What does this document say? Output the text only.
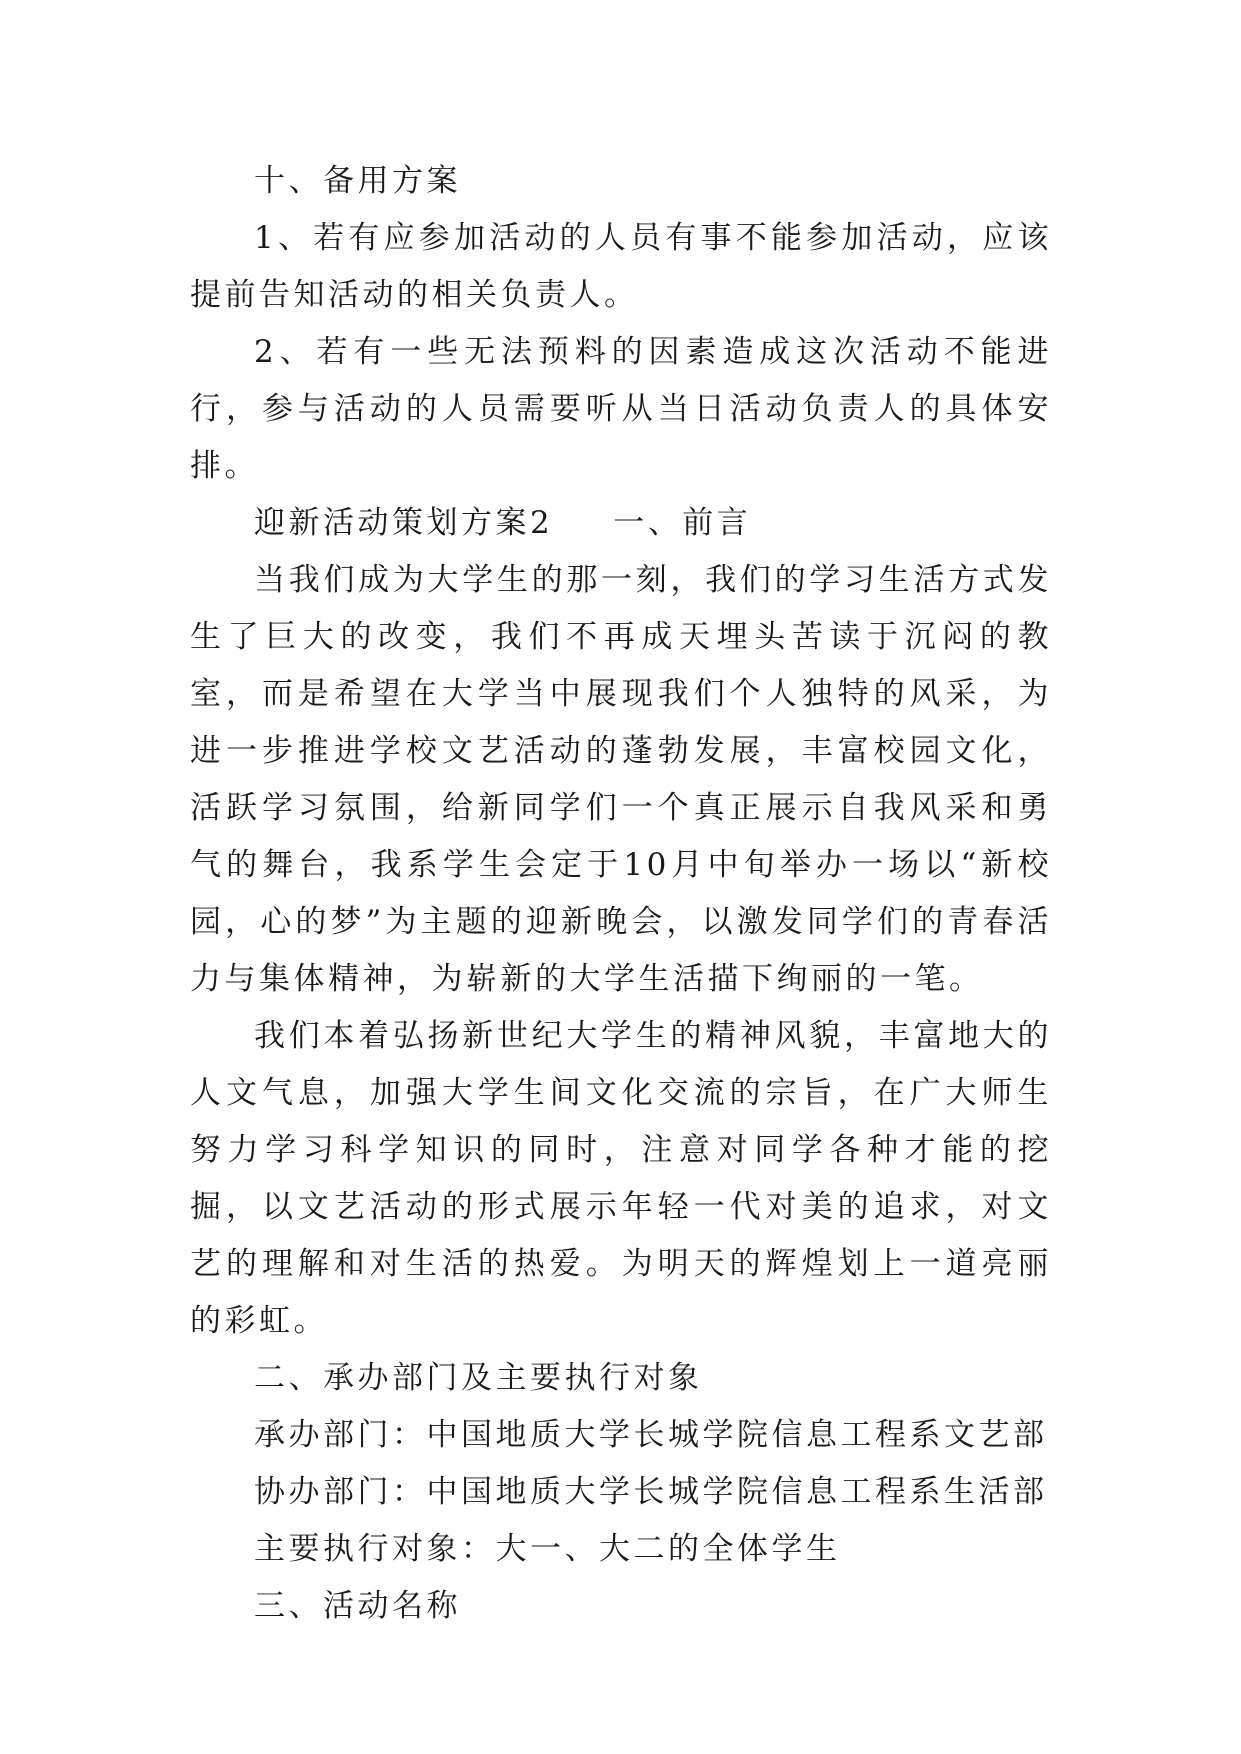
十、备用方案

1、若有应参加活动的人员有事不能参加活动，应该提前告知活动的相关负责人。

2、若有一些无法预料的因素造成这次活动不能进行，参与活动的人员需要听从当日活动负责人的具体安排。

迎新活动策划方案2 一、前言

当我们成为大学生的那一刻，我们的学习生活方式发生了巨大的改变，我们不再成天埋头苦读于沉闷的教室，而是希望在大学当中展现我们个人独特的风采，为进一步推进学校文艺活动的蓬勃发展，丰富校园文化，活跃学习氛围，给新同学们一个真正展示自我风采和勇气的舞台，我系学生会定于10月中旬举办一场以“新校园，心的梦”为主题的迎新晚会，以激发同学们的青春活力与集体精神，为崭新的大学生活描下绚丽的一笔。

我们本着弘扬新世纪大学生的精神风貌，丰富地大的人文气息，加强大学生间文化交流的宗旨，在广大师生努力学习科学知识的同时，注意对同学各种才能的挖掘，以文艺活动的形式展示年轻一代对美的追求，对文艺的理解和对生活的热爱。为明天的辉煌划上一道亮丽的彩虹。

二、承办部门及主要执行对象

承办部门：中国地质大学长城学院信息工程系文艺部

协办部门：中国地质大学长城学院信息工程系生活部

主要执行对象：大一、大二的全体学生

三、活动名称
